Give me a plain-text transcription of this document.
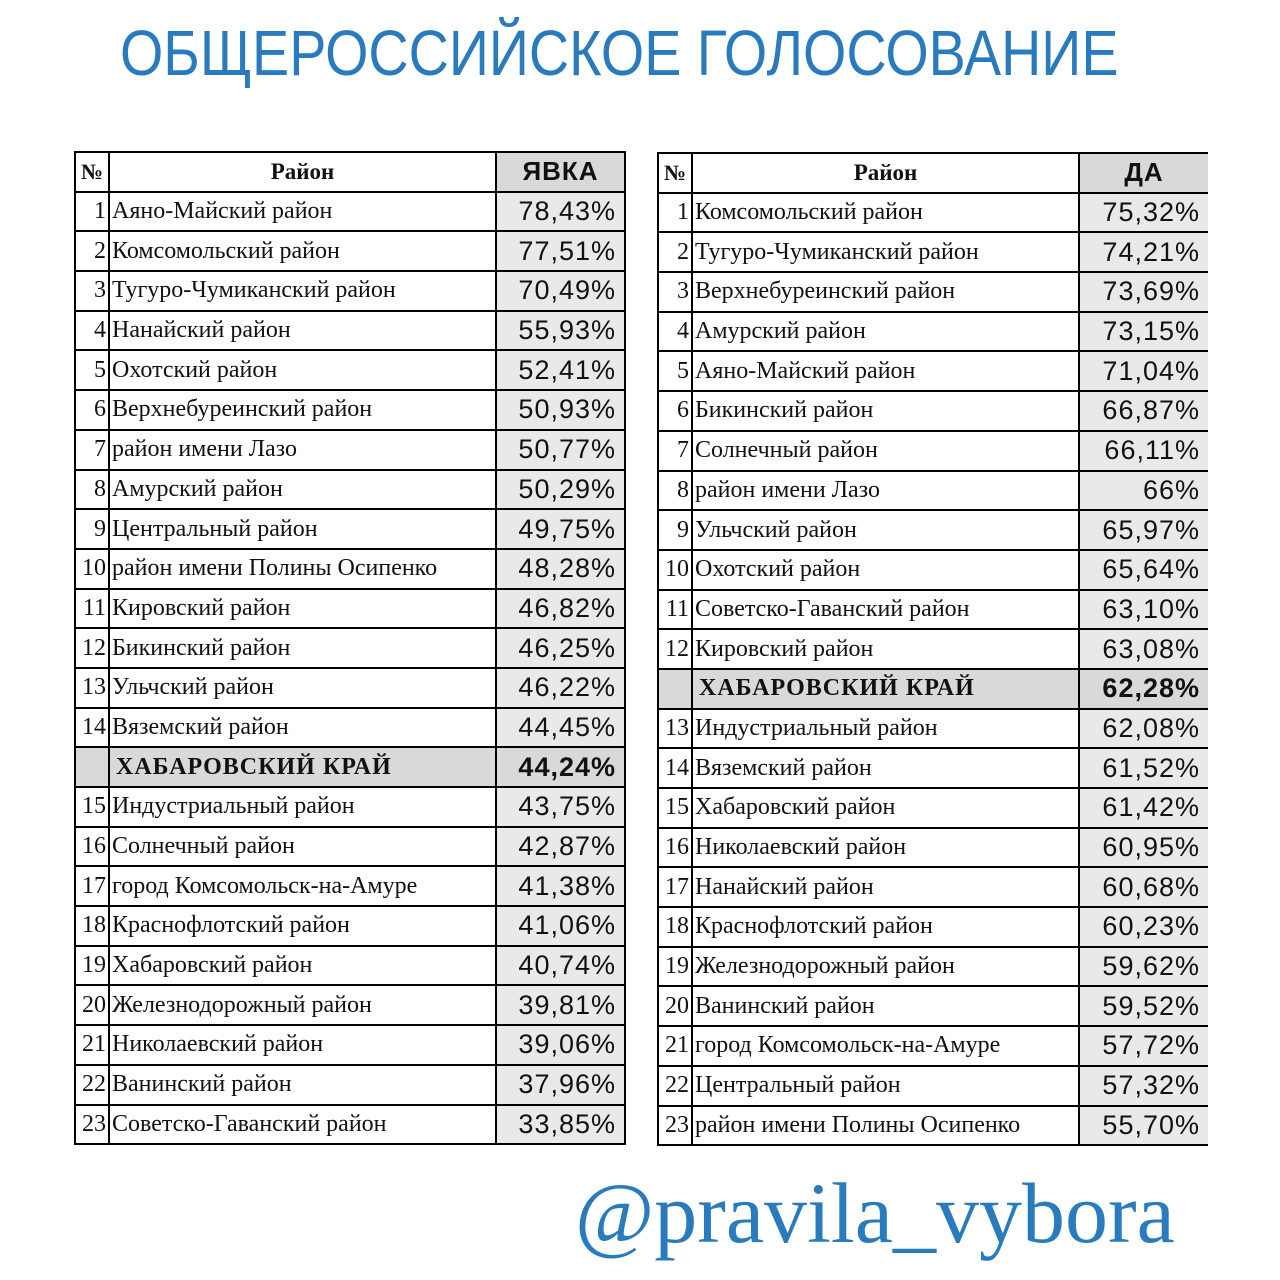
ОБЩЕРОССИЙСКОЕ ГОЛОСОВАНИЕ
№	Район	ЯВКА
1	Аяно-Майский район	78,43%
2	Комсомольский район	77,51%
3	Тугуро-Чумиканский район	70,49%
4	Нанайский район	55,93%
5	Охотский район	52,41%
6	Верхнебуреинский район	50,93%
7	район имени Лазо	50,77%
8	Амурский район	50,29%
9	Центральный район	49,75%
10	район имени Полины Осипенко	48,28%
11	Кировский район	46,82%
12	Бикинский район	46,25%
13	Ульчский район	46,22%
14	Вяземский район	44,45%
	ХАБАРОВСКИЙ КРАЙ	44,24%
15	Индустриальный район	43,75%
16	Солнечный район	42,87%
17	город Комсомольск-на-Амуре	41,38%
18	Краснофлотский район	41,06%
19	Хабаровский район	40,74%
20	Железнодорожный район	39,81%
21	Николаевский район	39,06%
22	Ванинский район	37,96%
23	Советско-Гаванский район	33,85%
№	Район	ДА
1	Комсомольский район	75,32%
2	Тугуро-Чумиканский район	74,21%
3	Верхнебуреинский район	73,69%
4	Амурский район	73,15%
5	Аяно-Майский район	71,04%
6	Бикинский район	66,87%
7	Солнечный район	66,11%
8	район имени Лазо	66%
9	Ульчский район	65,97%
10	Охотский район	65,64%
11	Советско-Гаванский район	63,10%
12	Кировский район	63,08%
	ХАБАРОВСКИЙ КРАЙ	62,28%
13	Индустриальный район	62,08%
14	Вяземский район	61,52%
15	Хабаровский район	61,42%
16	Николаевский район	60,95%
17	Нанайский район	60,68%
18	Краснофлотский район	60,23%
19	Железнодорожный район	59,62%
20	Ванинский район	59,52%
21	город Комсомольск-на-Амуре	57,72%
22	Центральный район	57,32%
23	район имени Полины Осипенко	55,70%
@pravila_vybora
